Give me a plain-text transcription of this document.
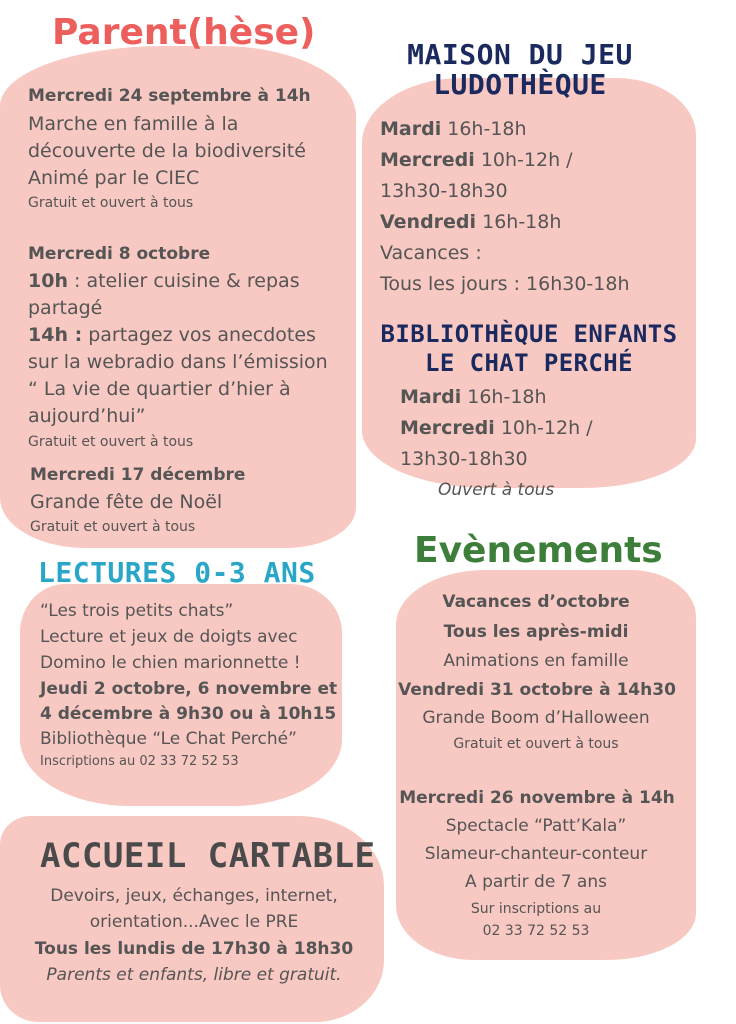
Parent(hèse)

Mercredi 24 septembre à 14h

Marche en famille à la

découverte de la biodiversité

Animé par le CIEC

Gratuit et ouvert à tous

Mercredi 8 octobre

10h : atelier cuisine & repas

partagé

14h : partagez vos anecdotes

sur la webradio dans l’émission

“ La vie de quartier d’hier à

aujourd’hui”

Gratuit et ouvert à tous

Mercredi 17 décembre

Grande fête de Noël

Gratuit et ouvert à tous

MAISON DU JEU LUDOTHÈQUE

Mardi 16h-18h

Mercredi 10h-12h /

13h30-18h30

Vendredi 16h-18h

Vacances :

Tous les jours : 16h30-18h

BIBLIOTHÈQUE ENFANTS LE CHAT PERCHÉ

Mardi 16h-18h

Mercredi 10h-12h /

13h30-18h30

Ouvert à tous

LECTURES 0-3 ANS

“Les trois petits chats”

Lecture et jeux de doigts avec

Domino le chien marionnette !

Jeudi 2 octobre, 6 novembre et

4 décembre à 9h30 ou à 10h15

Bibliothèque “Le Chat Perché”

Inscriptions au 02 33 72 52 53

Evènements

Vacances d’octobre

Tous les après-midi

Animations en famille

Vendredi 31 octobre à 14h30

Grande Boom d’Halloween

Gratuit et ouvert à tous

Mercredi 26 novembre à 14h

Spectacle “Patt’Kala”

Slameur-chanteur-conteur

A partir de 7 ans

Sur inscriptions au

02 33 72 52 53

ACCUEIL CARTABLE

Devoirs, jeux, échanges, internet,

orientation...Avec le PRE

Tous les lundis de 17h30 à 18h30

Parents et enfants, libre et gratuit.
